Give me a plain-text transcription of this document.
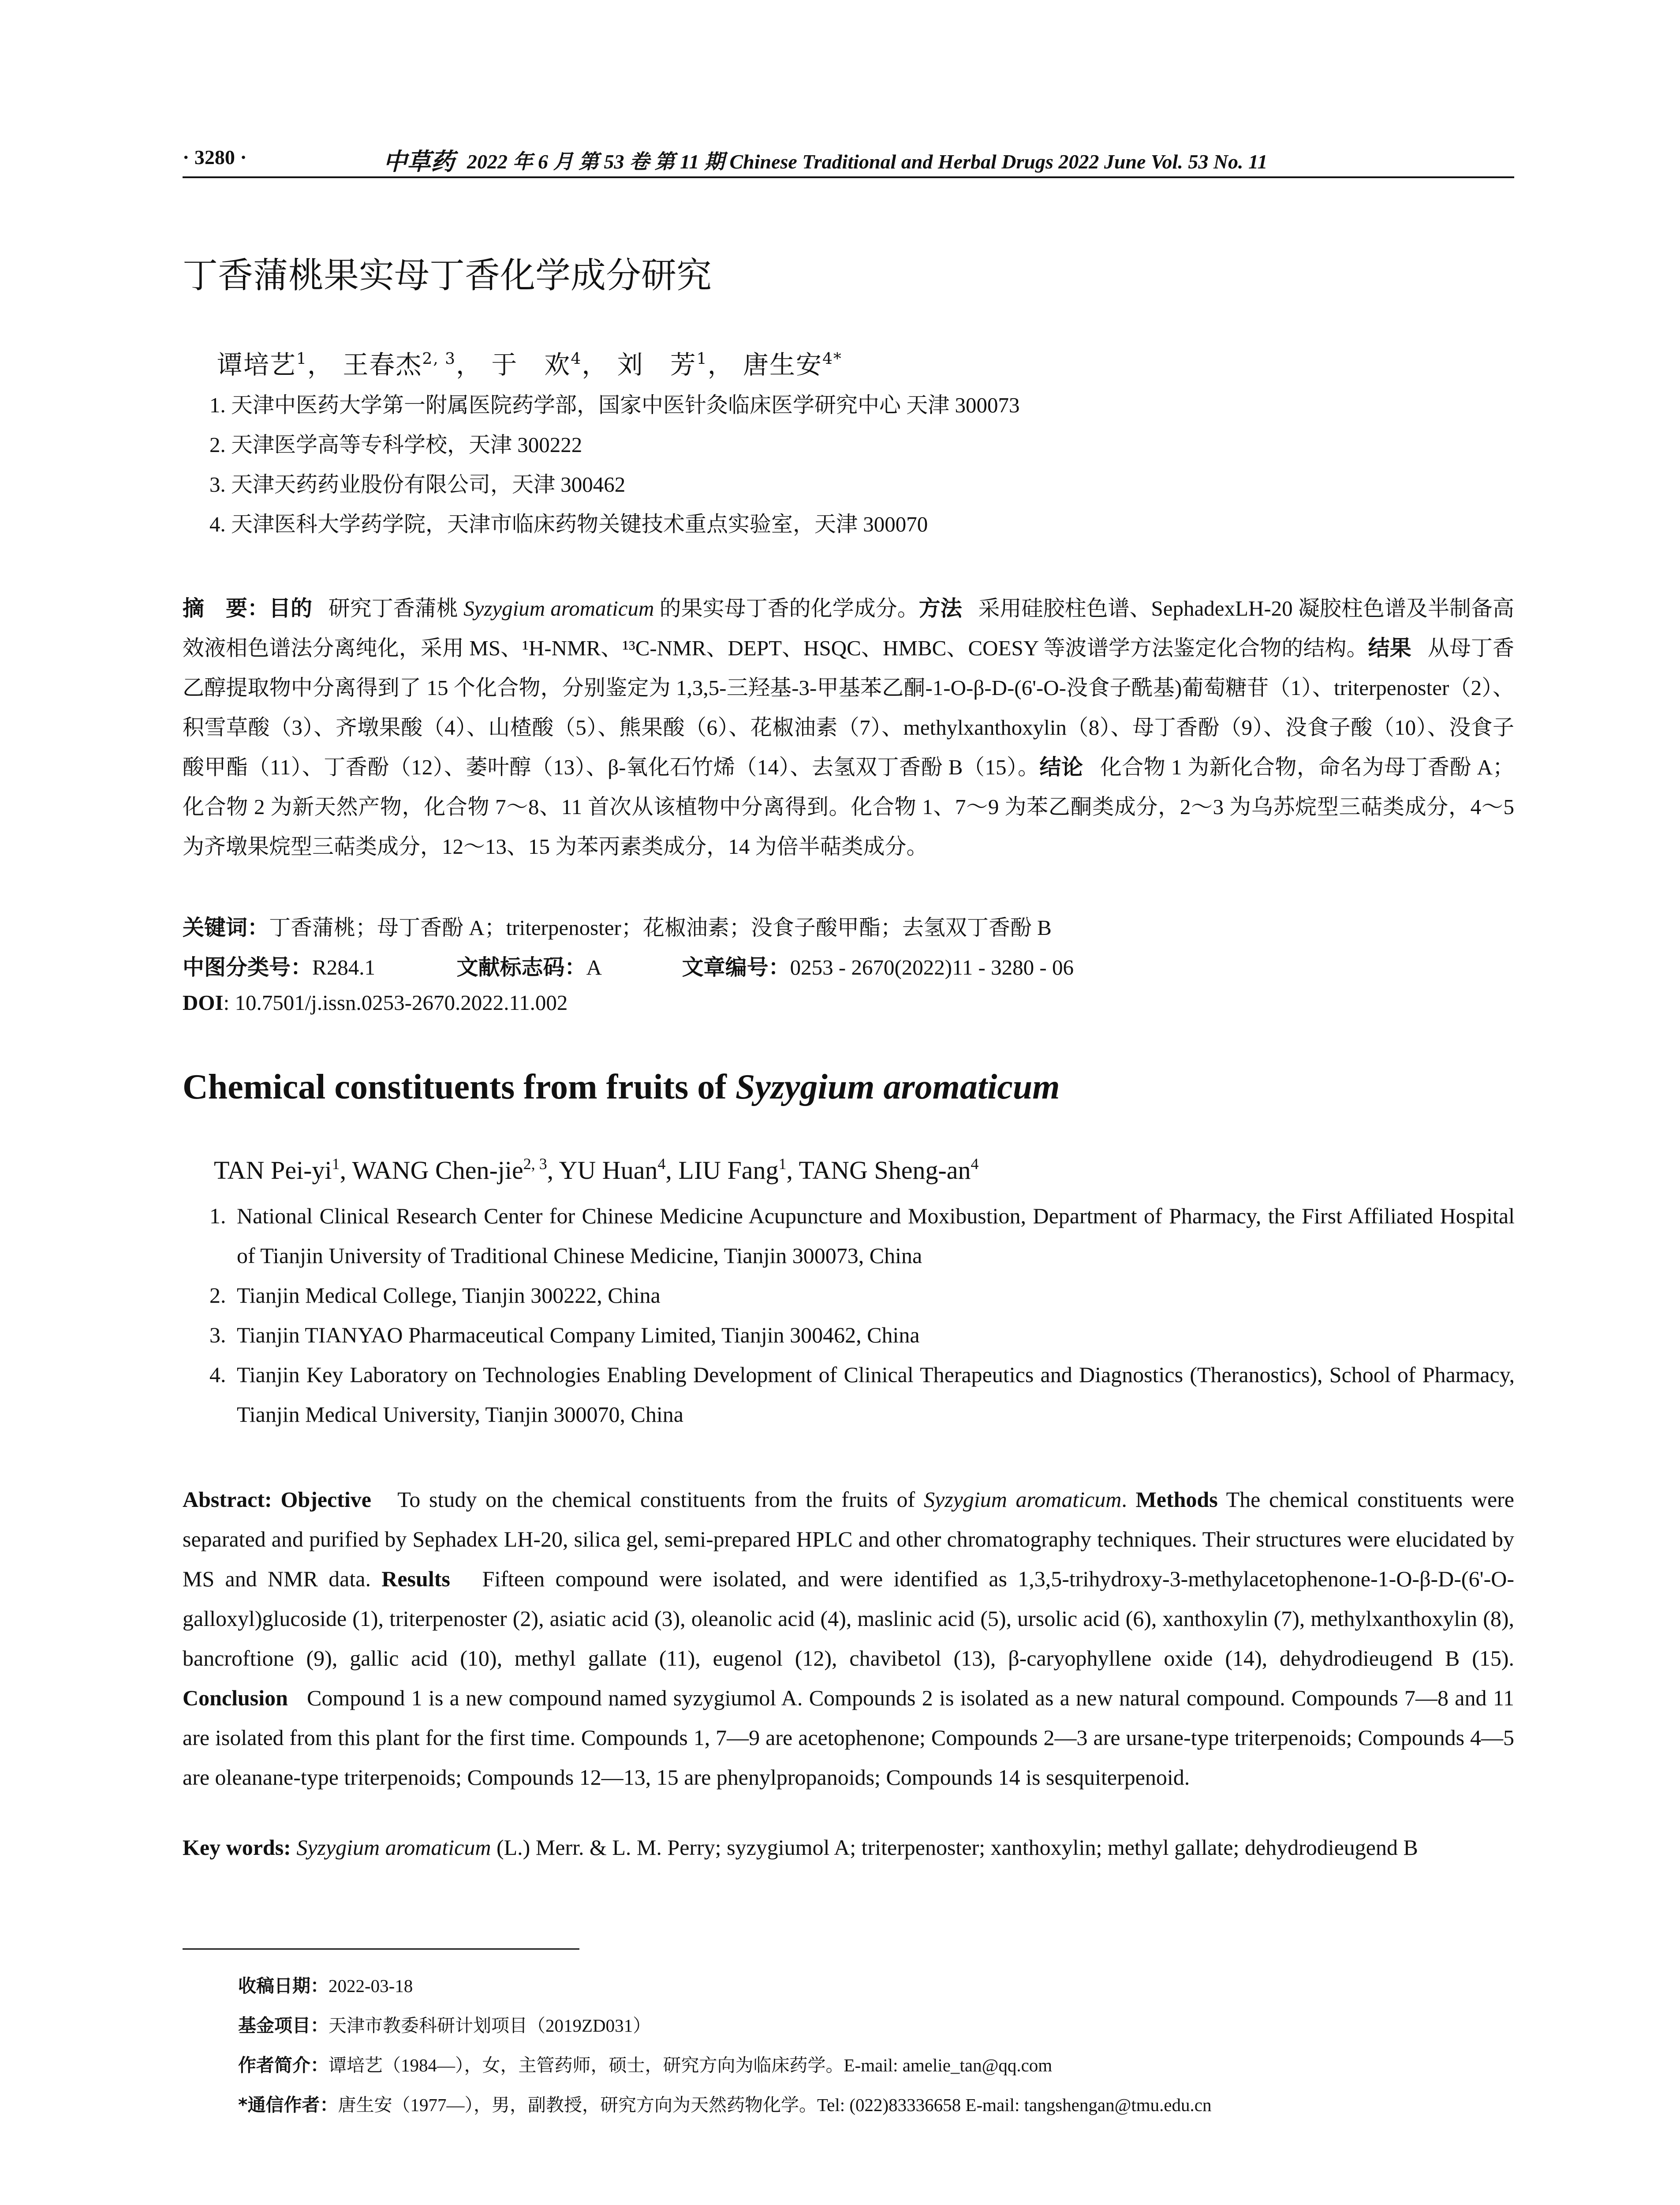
· 3280 ·	中草药 2022 年 6 月 第 53 卷 第 11 期 Chinese Traditional and Herbal Drugs 2022 June Vol. 53 No. 11
丁香蒲桃果实母丁香化学成分研究
谭培艺$^1$， 王春杰$^{2, 3}$， 于　欢$^4$， 刘　芳$^1$， 唐生安$^{4*}$
1. 天津中医药大学第一附属医院药学部，国家中医针灸临床医学研究中心 天津 300073
2. 天津医学高等专科学校，天津 300222
3. 天津天药药业股份有限公司，天津 300462
4. 天津医科大学药学院，天津市临床药物关键技术重点实验室，天津 300070
摘　要：目的 研究丁香蒲桃 Syzygium aromaticum 的果实母丁香的化学成分。方法 采用硅胶柱色谱、SephadexLH-20 凝胶柱色谱及半制备高效液相色谱法分离纯化，采用 MS、¹H-NMR、¹³C-NMR、DEPT、HSQC、HMBC、COESY 等波谱学方法鉴定化合物的结构。结果 从母丁香乙醇提取物中分离得到了 15 个化合物，分别鉴定为 1,3,5-三羟基-3-甲基苯乙酮-1-O-β-D-(6'-O-没食子酰基)葡萄糖苷（1）、triterpenoster（2）、积雪草酸（3）、齐墩果酸（4）、山楂酸（5）、熊果酸（6）、花椒油素（7）、methylxanthoxylin（8）、母丁香酚（9）、没食子酸（10）、没食子酸甲酯（11）、丁香酚（12）、萎叶醇（13）、β-氧化石竹烯（14）、去氢双丁香酚 B（15）。结论 化合物 1 为新化合物，命名为母丁香酚 A；化合物 2 为新天然产物，化合物 7～8、11 首次从该植物中分离得到。化合物 1、7～9 为苯乙酮类成分，2～3 为乌苏烷型三萜类成分，4～5 为齐墩果烷型三萜类成分，12～13、15 为苯丙素类成分，14 为倍半萜类成分。
关键词：丁香蒲桃；母丁香酚 A；triterpenoster；花椒油素；没食子酸甲酯；去氢双丁香酚 B
中图分类号：R284.1	文献标志码：A	文章编号：0253 - 2670(2022)11 - 3280 - 06
DOI: 10.7501/j.issn.0253-2670.2022.11.002
Chemical constituents from fruits of Syzygium aromaticum
TAN Pei-$yi^1$, WANG Chen-jie$^{2, 3}$, YU Huan$^4$, LIU Fang$^1$, TANG Sheng-$an^4$
1. National Clinical Research Center for Chinese Medicine Acupuncture and Moxibustion, Department of Pharmacy, the First Affiliated Hospital of Tianjin University of Traditional Chinese Medicine, Tianjin 300073, China
2. Tianjin Medical College, Tianjin 300222, China
3. Tianjin TIANYAO Pharmaceutical Company Limited, Tianjin 300462, China
4. Tianjin Key Laboratory on Technologies Enabling Development of Clinical Therapeutics and Diagnostics (Theranostics), School of Pharmacy, Tianjin Medical University, Tianjin 300070, China
Abstract: Objective To study on the chemical constituents from the fruits of Syzygium aromaticum. Methods The chemical constituents were separated and purified by Sephadex LH-20, silica gel, semi-prepared HPLC and other chromatography techniques. Their structures were elucidated by MS and NMR data. Results Fifteen compound were isolated, and were identified as 1,3,5-trihydroxy-3-methylacetophenone-1-O-β-D-(6'-O-galloxyl)glucoside (1), triterpenoster (2), asiatic acid (3), oleanolic acid (4), maslinic acid (5), ursolic acid (6), xanthoxylin (7), methylxanthoxylin (8), bancroftione (9), gallic acid (10), methyl gallate (11), eugenol (12), chavibetol (13), β-caryophyllene oxide (14), dehydrodieugend B (15). Conclusion Compound 1 is a new compound named syzygiumol A. Compounds 2 is isolated as a new natural compound. Compounds 7—8 and 11 are isolated from this plant for the first time. Compounds 1, 7—9 are acetophenone; Compounds 2—3 are ursane-type triterpenoids; Compounds 4—5 are oleanane-type triterpenoids; Compounds 12—13, 15 are phenylpropanoids; Compounds 14 is sesquiterpenoid.
Key words: Syzygium aromaticum (L.) Merr. & L. M. Perry; syzygiumol A; triterpenoster; xanthoxylin; methyl gallate; dehydrodieugend B
收稿日期：2022-03-18
基金项目：天津市教委科研计划项目（2019ZD031）
作者简介：谭培艺（1984—），女，主管药师，硕士，研究方向为临床药学。E-mail: amelie_tan@qq.com
*通信作者：唐生安（1977—），男，副教授，研究方向为天然药物化学。Tel: (022)83336658 E-mail: tangshengan@tmu.edu.cn
